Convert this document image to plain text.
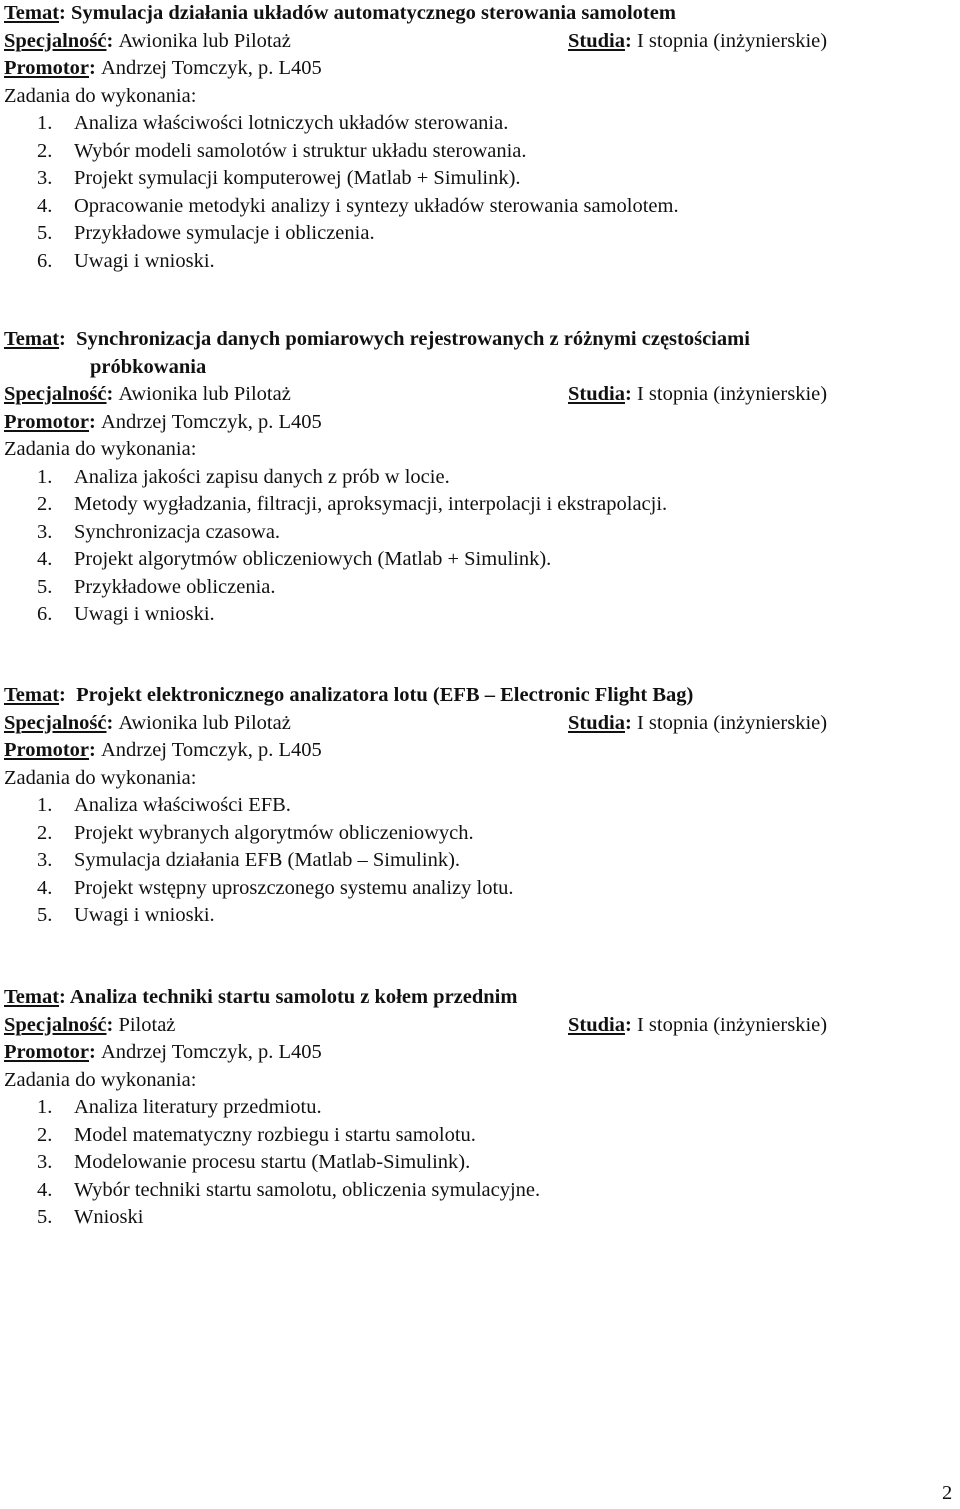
Temat: Symulacja działania układów automatycznego sterowania samolotem
Specjalność: Awionika lub Pilotaż	Studia: I stopnia (inżynierskie)
Promotor: Andrzej Tomczyk, p. L405
Zadania do wykonania:
1. Analiza właściwości lotniczych układów sterowania.
2. Wybór modeli samolotów i struktur układu sterowania.
3. Projekt symulacji komputerowej (Matlab + Simulink).
4. Opracowanie metodyki analizy i syntezy układów sterowania samolotem.
5. Przykładowe symulacje i obliczenia.
6. Uwagi i wnioski.
Temat:  Synchronizacja danych pomiarowych rejestrowanych z różnymi częstościami
próbkowania
Specjalność: Awionika lub Pilotaż	Studia: I stopnia (inżynierskie)
Promotor: Andrzej Tomczyk, p. L405
Zadania do wykonania:
1. Analiza jakości zapisu danych z prób w locie.
2. Metody wygładzania, filtracji, aproksymacji, interpolacji i ekstrapolacji.
3. Synchronizacja czasowa.
4. Projekt algorytmów obliczeniowych (Matlab + Simulink).
5. Przykładowe obliczenia.
6. Uwagi i wnioski.
Temat:  Projekt elektronicznego analizatora lotu (EFB – Electronic Flight Bag)
Specjalność: Awionika lub Pilotaż	Studia: I stopnia (inżynierskie)
Promotor: Andrzej Tomczyk, p. L405
Zadania do wykonania:
1. Analiza właściwości EFB.
2. Projekt wybranych algorytmów obliczeniowych.
3. Symulacja działania EFB (Matlab – Simulink).
4. Projekt wstępny uproszczonego systemu analizy lotu.
5. Uwagi i wnioski.
Temat: Analiza techniki startu samolotu z kołem przednim
Specjalność: Pilotaż	Studia: I stopnia (inżynierskie)
Promotor: Andrzej Tomczyk, p. L405
Zadania do wykonania:
1. Analiza literatury przedmiotu.
2. Model matematyczny rozbiegu i startu samolotu.
3. Modelowanie procesu startu (Matlab-Simulink).
4. Wybór techniki startu samolotu, obliczenia symulacyjne.
5. Wnioski
2
